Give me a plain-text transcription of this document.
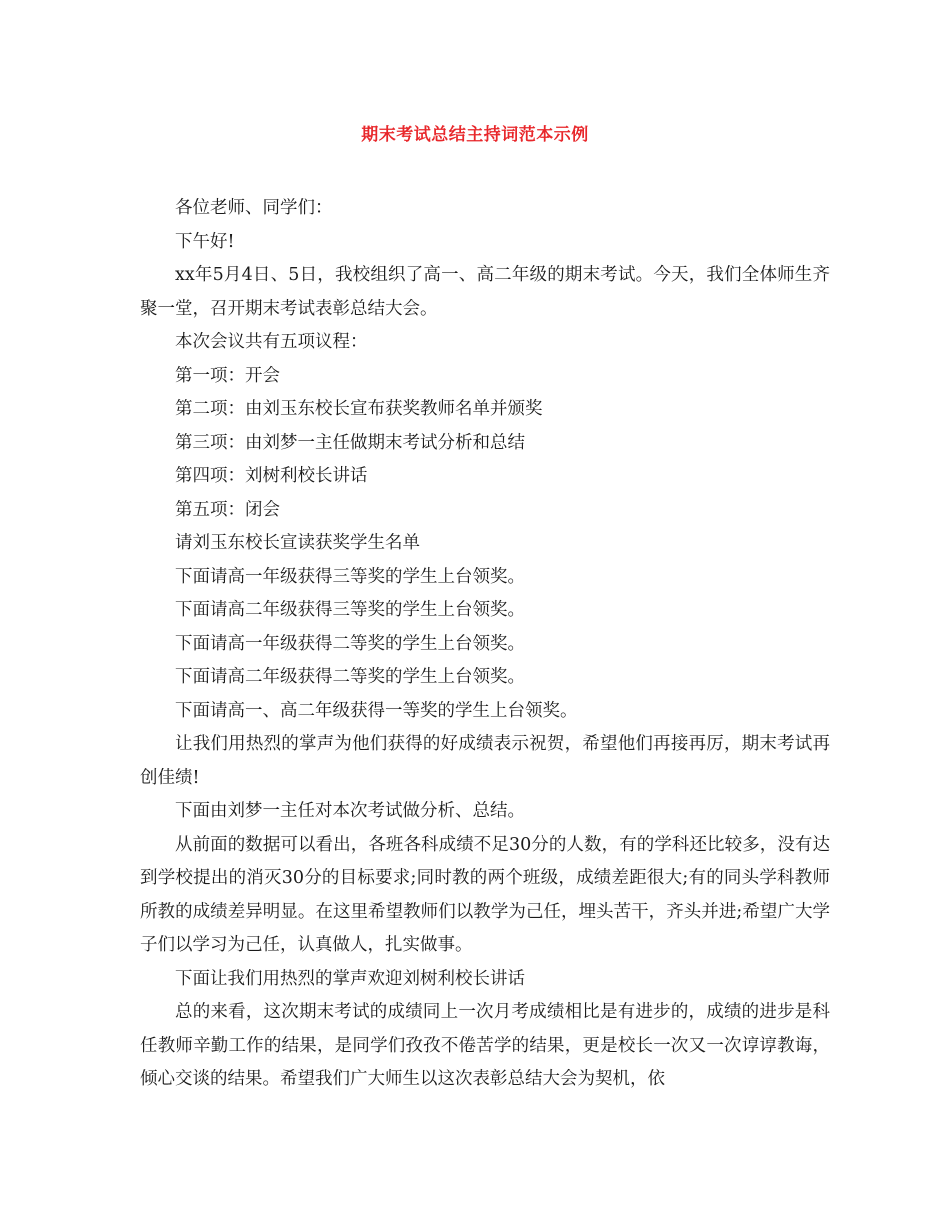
期末考试总结主持词范本示例

各位老师、同学们：

下午好!

xx年5月4日、5日，我校组织了高一、高二年级的期末考试。今天，我们全体师生齐聚一堂，召开期末考试表彰总结大会。

本次会议共有五项议程：

第一项：开会

第二项：由刘玉东校长宣布获奖教师名单并颁奖

第三项：由刘梦一主任做期末考试分析和总结

第四项：刘树利校长讲话

第五项：闭会

请刘玉东校长宣读获奖学生名单

下面请高一年级获得三等奖的学生上台领奖。

下面请高二年级获得三等奖的学生上台领奖。

下面请高一年级获得二等奖的学生上台领奖。

下面请高二年级获得二等奖的学生上台领奖。

下面请高一、高二年级获得一等奖的学生上台领奖。

让我们用热烈的掌声为他们获得的好成绩表示祝贺，希望他们再接再厉，期末考试再创佳绩!

下面由刘梦一主任对本次考试做分析、总结。

从前面的数据可以看出，各班各科成绩不足30分的人数，有的学科还比较多，没有达到学校提出的消灭30分的目标要求;同时教的两个班级，成绩差距很大;有的同头学科教师所教的成绩差异明显。在这里希望教师们以教学为己任，埋头苦干，齐头并进;希望广大学子们以学习为己任，认真做人，扎实做事。

下面让我们用热烈的掌声欢迎刘树利校长讲话

总的来看，这次期末考试的成绩同上一次月考成绩相比是有进步的，成绩的进步是科任教师辛勤工作的结果，是同学们孜孜不倦苦学的结果，更是校长一次又一次谆谆教诲，倾心交谈的结果。希望我们广大师生以这次表彰总结大会为契机，依
